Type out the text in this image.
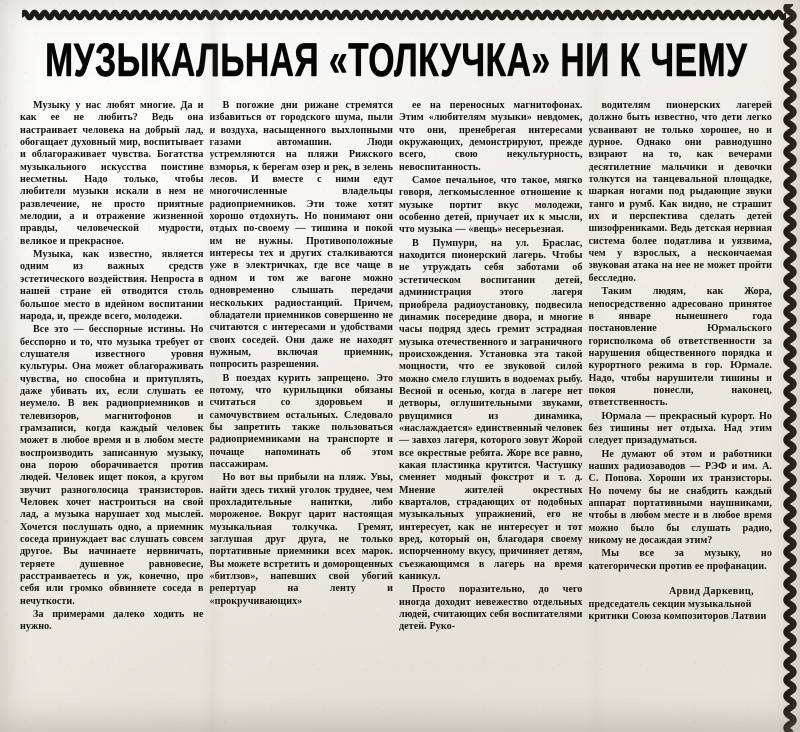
МУЗЫКАЛЬНАЯ «ТОЛКУЧКА» НИ К ЧЕМУ

Музыку у нас любят многие. Да и как ее не любить? Ведь она настраивает человека на добрый лад, обогащает духовный мир, воспитывает и облагораживает чувства. Богатства музыкального искусства поистине несметны. Надо только, чтобы любители музыки искали в нем не развлечение, не просто приятные мелодии, а и отражение жизненной правды, человеческой мудрости, великое и прекрасное.

Музыка, как известно, является одним из важных средств эстетического воздействия. Непроста в нашей стране ей отводится столь большое место в идейном воспитании народа, и, прежде всего, молодежи.

Все это — бесспорные истины. Но бесспорно и то, что музыка требует от слушателя известного уровня культуры. Она может облагораживать чувства, но способна и притуплять, даже убивать их, если слушать ее неумело. В век радиоприемников и телевизоров, магнитофонов и грамзаписи, когда каждый человек может в любое время и в любом месте воспроизводить записанную музыку, она порою оборачивается против людей. Человек ищет покоя, а кругом звучит разноголосица транзисторов. Человек хочет настроиться на свой лад, а музыка нарушает ход мыслей. Хочется послушать одно, а приемник соседа принуждает вас слушать совсем другое. Вы начинаете нервничать, теряете душевное равновесие, расстраиваетесь и уж, конечно, про себя или громко обвиняете соседа в нечуткости.

За примерами далеко ходить не нужно.

В погожие дни рижане стремятся избавиться от городского шума, пыли и воздуха, насыщенного выхлопными газами автомашин. Люди устремляются на пляжи Рижского взморья, к берегам озер и рек, в зелень лесов. И вместе с ними едут многочисленные владельцы радиоприемников. Эти тоже хотят хорошо отдохнуть. Но понимают они отдых по-своему — тишина и покой им не нужны. Противоположные интересы тех и других сталкиваются уже в электричках, где все чаще в одном и том же вагоне можно одновременно слышать передачи нескольких радиостанций. Причем, обладатели приемников совершенно не считаются с интересами и удобствами своих соседей. Они даже не находят нужным, включая приемник, попросить разрешения.

В поездах курить запрещено. Это потому, что курильщики обязаны считаться со здоровьем и самочувствием остальных. Следовало бы запретить также пользоваться радиоприемниками на транспорте и почаще напоминать об этом пассажирам.

Но вот вы прибыли на пляж. Увы, найти здесь тихий уголок труднее, чем прохладительные напитки, либо мороженое. Вокруг царит настоящая музыкальная толкучка. Гремят, заглушая друг друга, не только портативные приемники всех марок. Вы можете встретить и доморощенных «битлзов», напевших свой убогий репертуар на ленту и «прокручивающих»

ее на переносных магнитофонах. Этим «любителям музыки» невдомек, что они, пренебрегая интересами окружающих, демонстрируют, прежде всего, свою некультурность, невоспитанность.

Самое печальное, что такое, мягко говоря, легкомысленное отношение к музыке портит вкус молодежи, особенно детей, приучает их к мысли, что музыка — «вещь» несерьезная.

В Пумпури, на ул. Браслас, находится пионерский лагерь. Чтобы не утруждать себя заботами об эстетическом воспитании детей, администрация этого лагеря приобрела радиоустановку, подвесила динамик посередине двора, и многие часы подряд здесь гремит эстрадная музыка отечественного и заграничного происхождения. Установка эта такой мощности, что ее звуковой силой можно смело глушить в водоемах рыбу. Весной и осенью, когда в лагере нет детворы, оглушительными звуками, рвущимися из динамика, «наслаждается» единственный человек — завхоз лагеря, которого зовут Жорой все окрестные ребята. Жоре все равно, какая пластинка крутится. Частушку сменяет модный фокстрот и т. д. Мнение жителей окрестных кварталов, страдающих от подобных музыкальных упражнений, его не интересует, как не интересует и тот вред, который он, благодаря своему испорченному вкусу, причиняет детям, съезжающимся в лагерь на время каникул.

Просто поразительно, до чего иногда доходит невежество отдельных людей, считающих себя воспитателями детей. Руко-

водителям пионерских лагерей должно быть известно, что дети легко усваивают не только хорошее, но и дурное. Однако они равнодушно взирают на то, как вечерами десятилетние мальчики и девочки толкутся на танцевальной площадке, шаркая ногами под рыдающие звуки танго и румб. Как видно, не страшит их и перспектива сделать детей шизофрениками. Ведь детская нервная система более податлива и уязвима, чем у взрослых, а нескончаемая звуковая атака на нее не может пройти бесследно.

Таким людям, как Жора, непосредственно адресовано принятое в январе нынешнего года постановление Юрмальского горисполкома об ответственности за нарушения общественного порядка и курортного режима в гор. Юрмале. Надо, чтобы нарушители тишины и покоя понесли, наконец, ответственность.

Юрмала — прекрасный курорт. Но без тишины нет отдыха. Над этим следует призадуматься.

Не думают об этом и работники наших радиозаводов — РЭФ и им. А. С. Попова. Хороши их транзисторы. Но почему бы не снабдить каждый аппарат портативными наушниками, чтобы в любом месте и в любое время можно было бы слушать радио, никому не досаждая этим?

Мы все за музыку, но категорически против ее профанации.

Арвид Даркевиц,
председатель секции музыкальной критики Союза композиторов Латвии
